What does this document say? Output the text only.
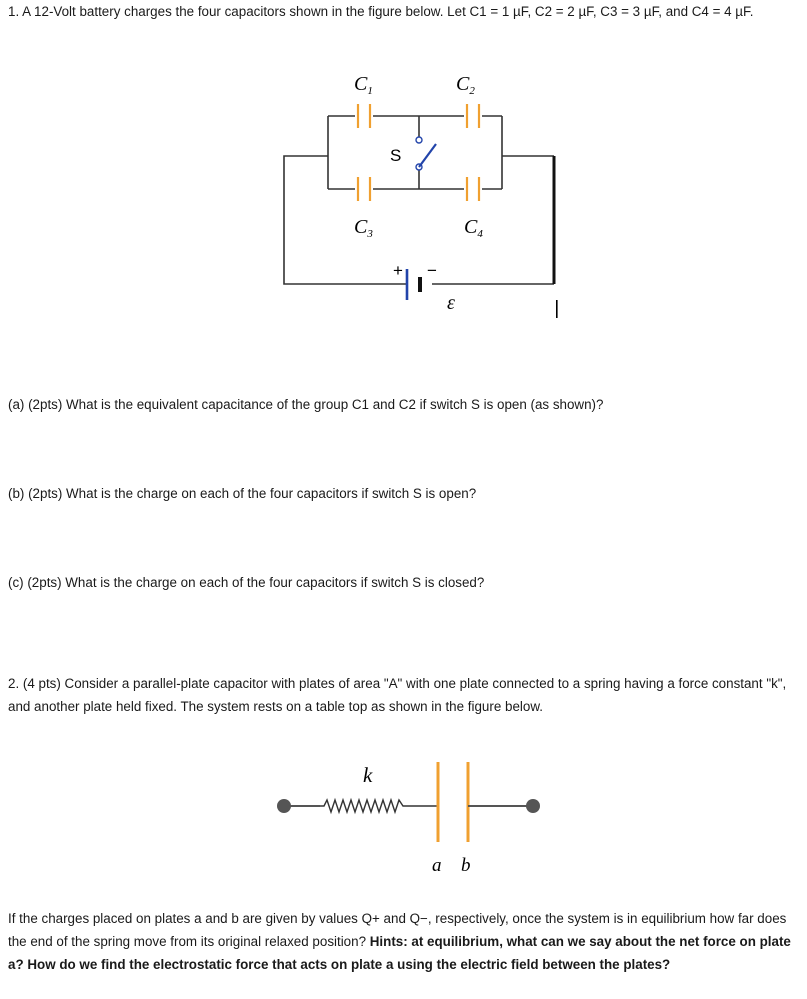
1. A 12-Volt battery charges the four capacitors shown in the figure below. Let C1 = 1 µF, C2 = 2 µF, C3 = 3 µF, and C4 = 4 µF.

$C_1$	$C_2$
$C_3$	$C_4$
S
+ −
ε

(a) (2pts) What is the equivalent capacitance of the group C1 and C2 if switch S is open (as shown)?

(b) (2pts) What is the charge on each of the four capacitors if switch S is open?

(c) (2pts) What is the charge on each of the four capacitors if switch S is closed?

2. (4 pts) Consider a parallel-plate capacitor with plates of area "A" with one plate connected to a spring having a force constant "k", and another plate held fixed. The system rests on a table top as shown in the figure below.

k
a b

If the charges placed on plates a and b are given by values Q+ and Q−, respectively, once the system is in equilibrium how far does the end of the spring move from its original relaxed position? Hints: at equilibrium, what can we say about the net force on plate a? How do we find the electrostatic force that acts on plate a using the electric field between the plates?
